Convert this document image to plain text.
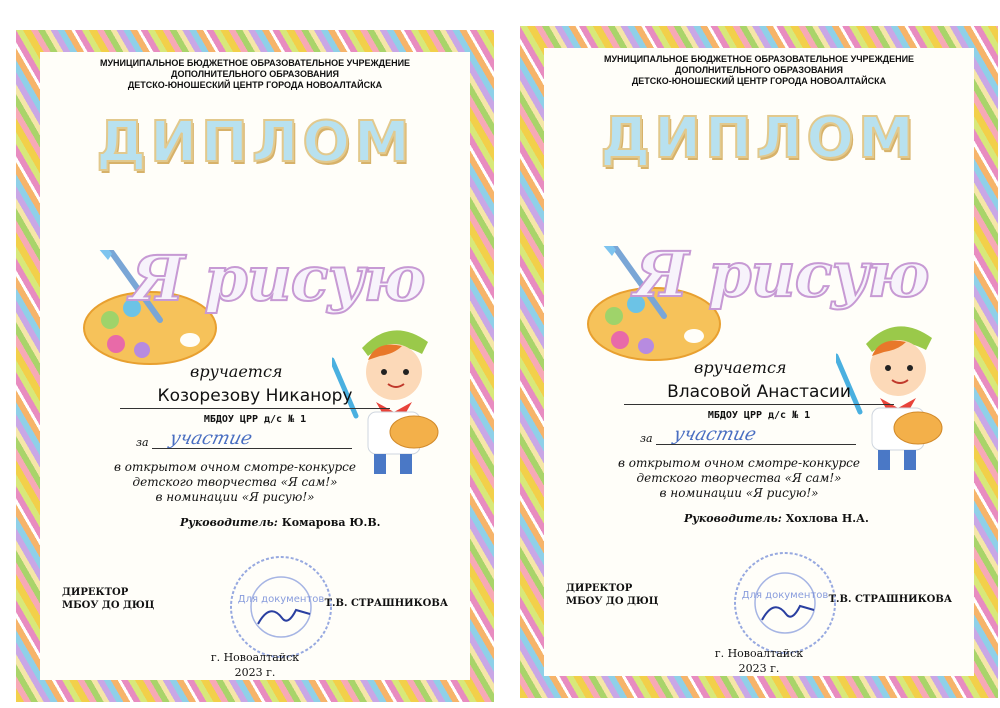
МУНИЦИПАЛЬНОЕ БЮДЖЕТНОЕ ОБРАЗОВАТЕЛЬНОЕ УЧРЕЖДЕНИЕ
ДОПОЛНИТЕЛЬНОГО ОБРАЗОВАНИЯ
ДЕТСКО-ЮНОШЕСКИЙ ЦЕНТР ГОРОДА НОВОАЛТАЙСКА
ДИПЛОМ
Я рисую
вручается
Козорезову Никанору
МБДОУ ЦРР д/с № 1
за участие
в открытом очном смотре-конкурсе
детского творчества «Я сам!»
в номинации «Я рисую!»
Руководитель: Комарова Ю.В.
Для документов
ДИРЕКТОР
МБОУ ДО ДЮЦ	Т.В. СТРАШНИКОВА
г. Новоалтайск
2023 г.
МУНИЦИПАЛЬНОЕ БЮДЖЕТНОЕ ОБРАЗОВАТЕЛЬНОЕ УЧРЕЖДЕНИЕ
ДОПОЛНИТЕЛЬНОГО ОБРАЗОВАНИЯ
ДЕТСКО-ЮНОШЕСКИЙ ЦЕНТР ГОРОДА НОВОАЛТАЙСКА
ДИПЛОМ
Я рисую
вручается
Власовой Анастасии
МБДОУ ЦРР д/с № 1
за участие
в открытом очном смотре-конкурсе
детского творчества «Я сам!»
в номинации «Я рисую!»
Руководитель: Хохлова Н.А.
Для документов
ДИРЕКТОР
МБОУ ДО ДЮЦ	Т.В. СТРАШНИКОВА
г. Новоалтайск
2023 г.
